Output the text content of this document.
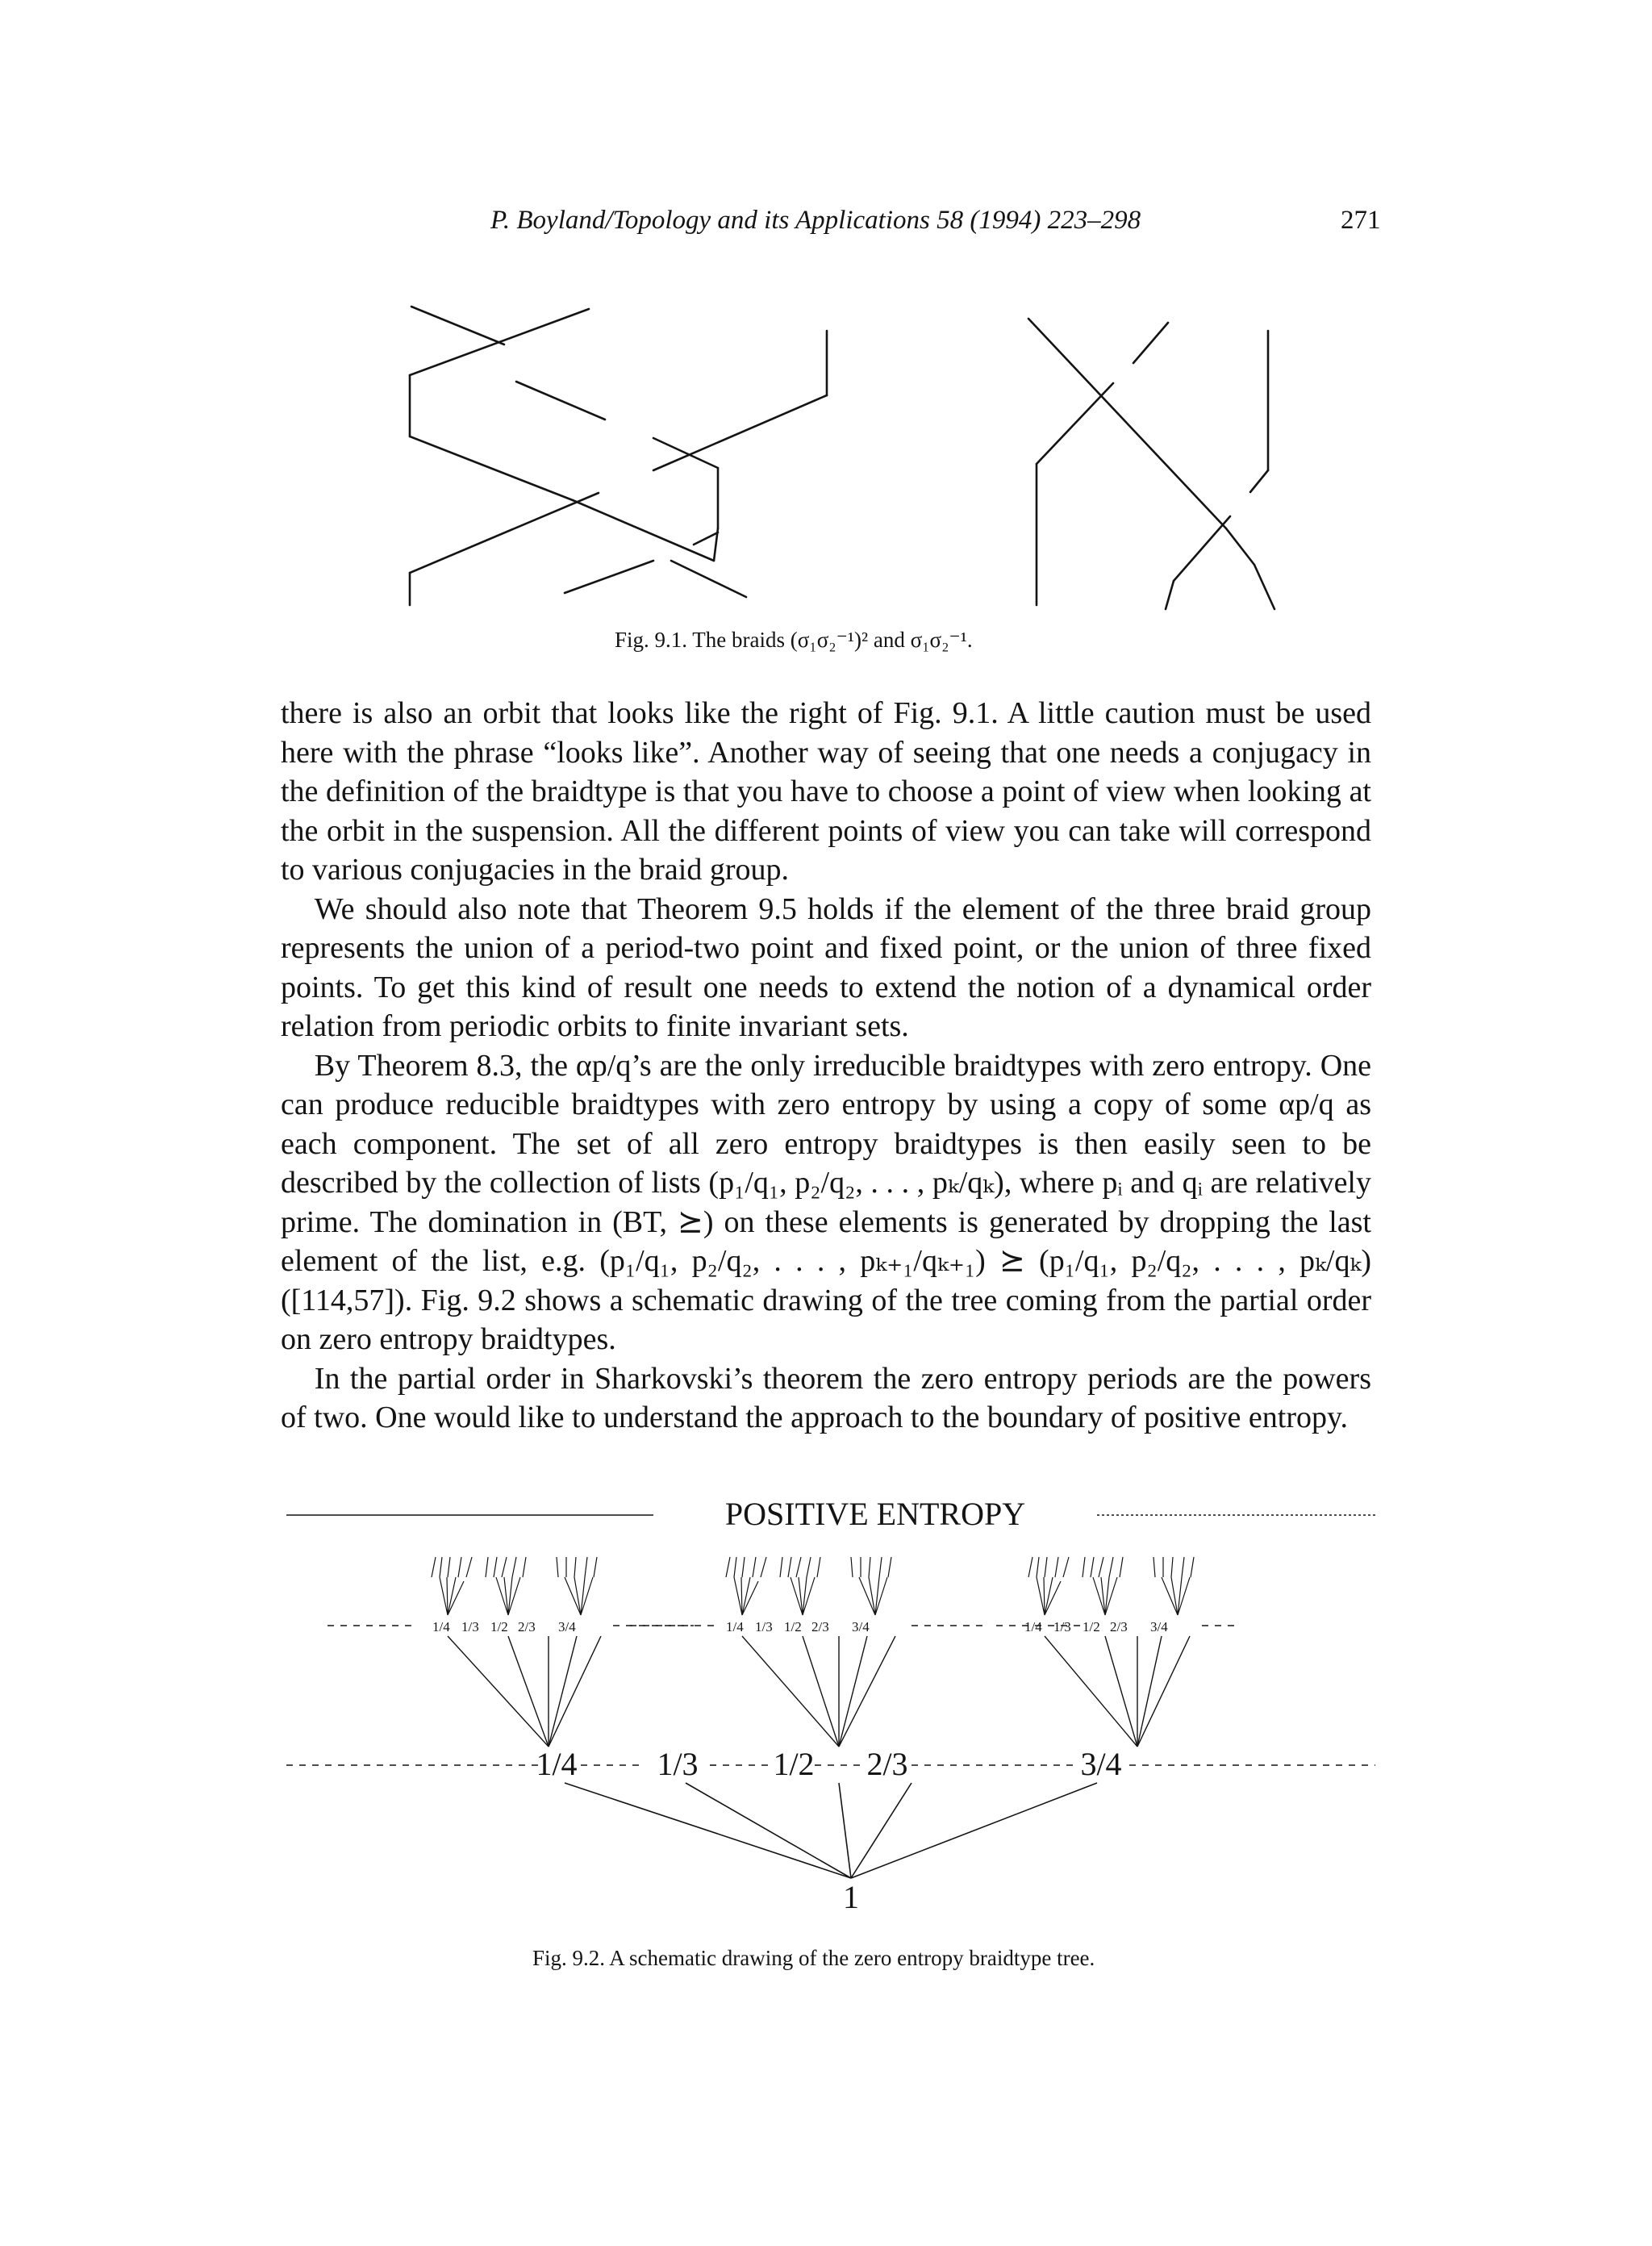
P. Boyland/Topology and its Applications 58 (1994) 223–298	271
Fig. 9.1. The braids (σ₁σ₂⁻¹)² and σ₁σ₂⁻¹.

there is also an orbit that looks like the right of Fig. 9.1. A little caution must be used here with the phrase “looks like”. Another way of seeing that one needs a conjugacy in the definition of the braidtype is that you have to choose a point of view when looking at the orbit in the suspension. All the different points of view you can take will correspond to various conjugacies in the braid group.

We should also note that Theorem 9.5 holds if the element of the three braid group represents the union of a period-two point and fixed point, or the union of three fixed points. To get this kind of result one needs to extend the notion of a dynamical order relation from periodic orbits to finite invariant sets.

By Theorem 8.3, the αp/q’s are the only irreducible braidtypes with zero entropy. One can produce reducible braidtypes with zero entropy by using a copy of some αp/q as each component. The set of all zero entropy braidtypes is then easily seen to be described by the collection of lists (p₁/q₁, p₂/q₂, . . . , pₖ/qₖ), where pᵢ and qᵢ are relatively prime. The domination in (BT, ⪰) on these elements is generated by dropping the last element of the list, e.g. (p₁/q₁, p₂/q₂, . . . , pₖ₊₁/qₖ₊₁) ⪰ (p₁/q₁, p₂/q₂, . . . , pₖ/qₖ) ([114,57]). Fig. 9.2 shows a schematic drawing of the tree coming from the partial order on zero entropy braidtypes.

In the partial order in Sharkovski’s theorem the zero entropy periods are the powers of two. One would like to understand the approach to the boundary of positive entropy.

POSITIVE ENTROPY
1/4 1/3 1/2 2/3	3/4
1
1/4 1/3 1/2 2/3 3/4	1/4 1/3 1/2 2/3 3/4	1/4 1/3 1/2 2/3 3/4
Fig. 9.2. A schematic drawing of the zero entropy braidtype tree.
